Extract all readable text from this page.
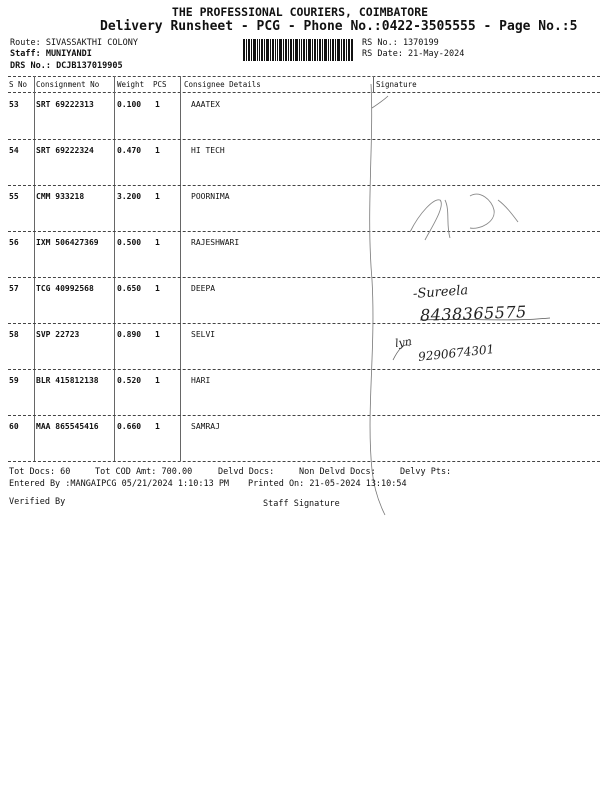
THE PROFESSIONAL COURIERS, COIMBATORE
Delivery Runsheet - PCG - Phone No.:0422-3505555 - Page No.:5
Route: SIVASSAKTHI COLONY
Staff: MUNIYANDI
DRS No.: DCJB137019905
RS No.: 1370199
RS Date: 21-May-2024
S No Consignment No Weight PCS Consignee Details	Signature
53 SRT 69222313	0.100 1	AAATEX
54 SRT 69222324	0.470 1	HI TECH
55 CMM 933218	3.200 1	POORNIMA
56 IXM 506427369 0.500 1	RAJESHWARI
57 TCG 40992568	0.650 1	DEEPA
58 SVP 22723	0.890 1	SELVI
59 BLR 415812138 0.520 1	HARI
60 MAA 865545416 0.660 1	SAMRAJ
-Sureela
8438365575
lyn 9290674301
Tot Docs: 60	Tot COD Amt: 700.00	Delvd Docs:	Non Delvd Docs:	Delvy Pts:
Entered By :MANGAIPCG 05/21/2024 1:10:13 PM Printed On: 21-05-2024 13:10:54
Verified By	Staff Signature
